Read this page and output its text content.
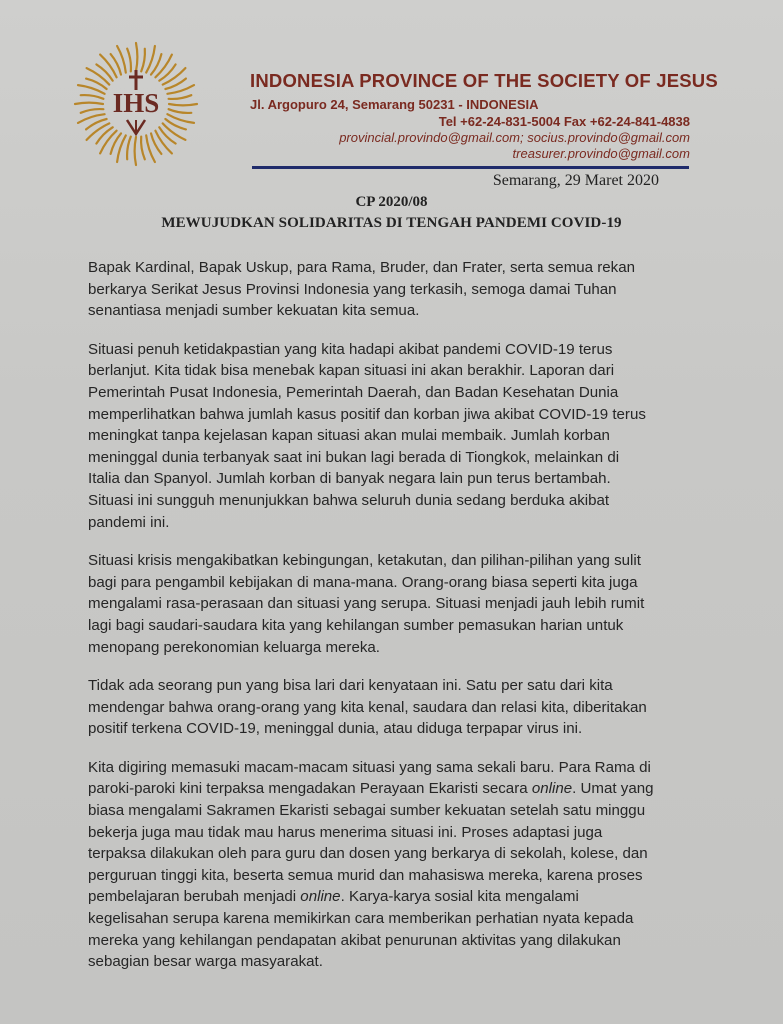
IHS
INDONESIA PROVINCE OF THE SOCIETY OF JESUS
Jl. Argopuro 24, Semarang 50231 - INDONESIA
Tel +62-24-831-5004 Fax +62-24-841-4838
provincial.provindo@gmail.com; socius.provindo@gmail.com
treasurer.provindo@gmail.com
Semarang, 29 Maret 2020
CP 2020/08
MEWUJUDKAN SOLIDARITAS DI TENGAH PANDEMI COVID-19
Bapak Kardinal, Bapak Uskup, para Rama, Bruder, dan Frater, serta semua rekan
berkarya Serikat Jesus Provinsi Indonesia yang terkasih, semoga damai Tuhan
senantiasa menjadi sumber kekuatan kita semua.
Situasi penuh ketidakpastian yang kita hadapi akibat pandemi COVID-19 terus
berlanjut. Kita tidak bisa menebak kapan situasi ini akan berakhir. Laporan dari
Pemerintah Pusat Indonesia, Pemerintah Daerah, dan Badan Kesehatan Dunia
memperlihatkan bahwa jumlah kasus positif dan korban jiwa akibat COVID-19 terus
meningkat tanpa kejelasan kapan situasi akan mulai membaik. Jumlah korban
meninggal dunia terbanyak saat ini bukan lagi berada di Tiongkok, melainkan di
Italia dan Spanyol. Jumlah korban di banyak negara lain pun terus bertambah.
Situasi ini sungguh menunjukkan bahwa seluruh dunia sedang berduka akibat
pandemi ini.
Situasi krisis mengakibatkan kebingungan, ketakutan, dan pilihan-pilihan yang sulit
bagi para pengambil kebijakan di mana-mana. Orang-orang biasa seperti kita juga
mengalami rasa-perasaan dan situasi yang serupa. Situasi menjadi jauh lebih rumit
lagi bagi saudari-saudara kita yang kehilangan sumber pemasukan harian untuk
menopang perekonomian keluarga mereka.
Tidak ada seorang pun yang bisa lari dari kenyataan ini. Satu per satu dari kita
mendengar bahwa orang-orang yang kita kenal, saudara dan relasi kita, diberitakan
positif terkena COVID-19, meninggal dunia, atau diduga terpapar virus ini.
Kita digiring memasuki macam-macam situasi yang sama sekali baru. Para Rama di
paroki-paroki kini terpaksa mengadakan Perayaan Ekaristi secara online. Umat yang
biasa mengalami Sakramen Ekaristi sebagai sumber kekuatan setelah satu minggu
bekerja juga mau tidak mau harus menerima situasi ini. Proses adaptasi juga
terpaksa dilakukan oleh para guru dan dosen yang berkarya di sekolah, kolese, dan
perguruan tinggi kita, beserta semua murid dan mahasiswa mereka, karena proses
pembelajaran berubah menjadi online. Karya-karya sosial kita mengalami
kegelisahan serupa karena memikirkan cara memberikan perhatian nyata kepada
mereka yang kehilangan pendapatan akibat penurunan aktivitas yang dilakukan
sebagian besar warga masyarakat.
